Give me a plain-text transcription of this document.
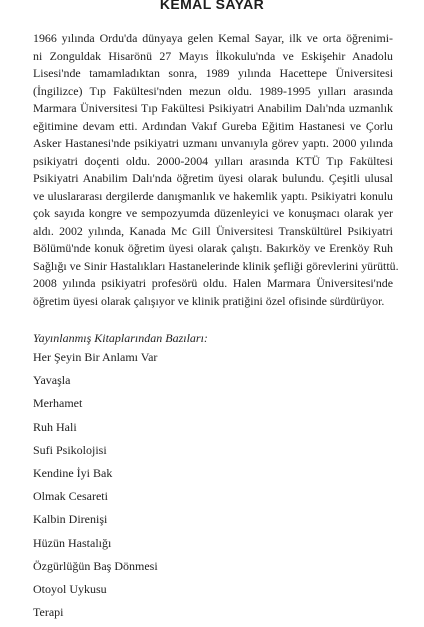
KEMAL SAYAR
1966 yılında Ordu'da dünyaya gelen Kemal Sayar, ilk ve orta öğrenimi-
ni Zonguldak Hisarönü 27 Mayıs İlkokulu'nda ve Eskişehir Anadolu
Lisesi'nde tamamladıktan sonra, 1989 yılında Hacettepe Üniversitesi
(İngilizce) Tıp Fakültesi'nden mezun oldu. 1989-1995 yılları arasında
Marmara Üniversitesi Tıp Fakültesi Psikiyatri Anabilim Dalı'nda uzmanlık
eğitimine devam etti. Ardından Vakıf Gureba Eğitim Hastanesi ve Çorlu
Asker Hastanesi'nde psikiyatri uzmanı unvanıyla görev yaptı. 2000 yılında
psikiyatri doçenti oldu. 2000-2004 yılları arasında KTÜ Tıp Fakültesi
Psikiyatri Anabilim Dalı'nda öğretim üyesi olarak bulundu. Çeşitli ulusal
ve uluslararası dergilerde danışmanlık ve hakemlik yaptı. Psikiyatri konulu
çok sayıda kongre ve sempozyumda düzenleyici ve konuşmacı olarak yer
aldı. 2002 yılında, Kanada Mc Gill Üniversitesi Transkültürel Psikiyatri
Bölümü'nde konuk öğretim üyesi olarak çalıştı. Bakırköy ve Erenköy Ruh
Sağlığı ve Sinir Hastalıkları Hastanelerinde klinik şefliği görevlerini yürüttü.
2008 yılında psikiyatri profesörü oldu. Halen Marmara Üniversitesi'nde
öğretim üyesi olarak çalışıyor ve klinik pratiğini özel ofisinde sürdürüyor.
Yayınlanmış Kitaplarından Bazıları:
Her Şeyin Bir Anlamı Var
Yavaşla
Merhamet
Ruh Hali
Sufi Psikolojisi
Kendine İyi Bak
Olmak Cesareti
Kalbin Direnişi
Hüzün Hastalığı
Özgürlüğün Baş Dönmesi
Otoyol Uykusu
Terapi
